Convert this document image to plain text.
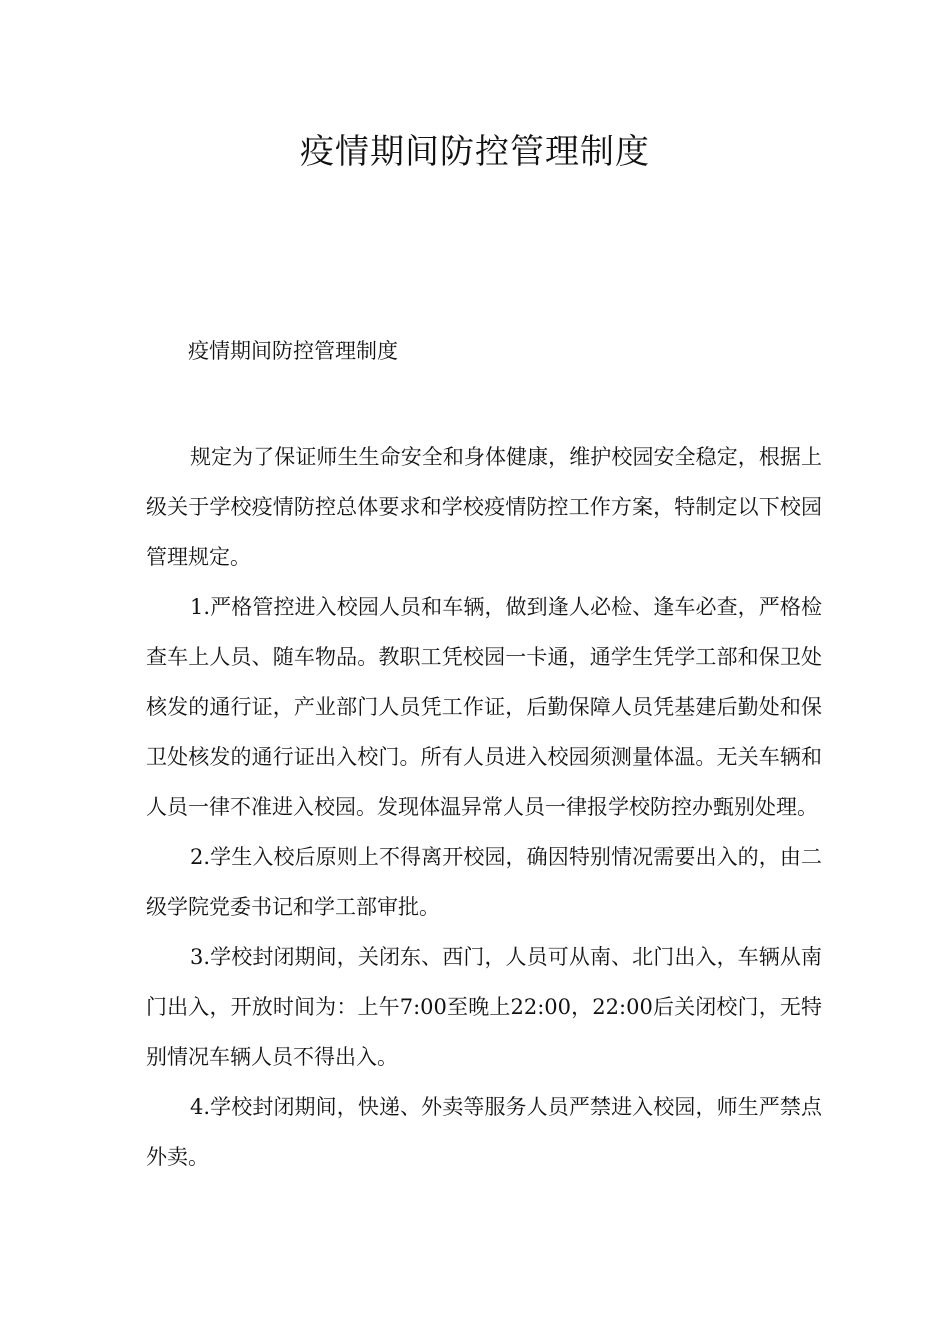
疫情期间防控管理制度
疫情期间防控管理制度

规定为了保证师生生命安全和身体健康，维护校园安全稳定，根据上级关于学校疫情防控总体要求和学校疫情防控工作方案，特制定以下校园管理规定。

1.严格管控进入校园人员和车辆，做到逢人必检、逢车必查，严格检查车上人员、随车物品。教职工凭校园一卡通，通学生凭学工部和保卫处核发的通行证，产业部门人员凭工作证，后勤保障人员凭基建后勤处和保卫处核发的通行证出入校门。所有人员进入校园须测量体温。无关车辆和人员一律不准进入校园。发现体温异常人员一律报学校防控办甄别处理。

2.学生入校后原则上不得离开校园，确因特别情况需要出入的，由二级学院党委书记和学工部审批。

3.学校封闭期间，关闭东、西门，人员可从南、北门出入，车辆从南门出入，开放时间为：上午7:00至晚上22:00，22:00后关闭校门，无特别情况车辆人员不得出入。

4.学校封闭期间，快递、外卖等服务人员严禁进入校园，师生严禁点外卖。
